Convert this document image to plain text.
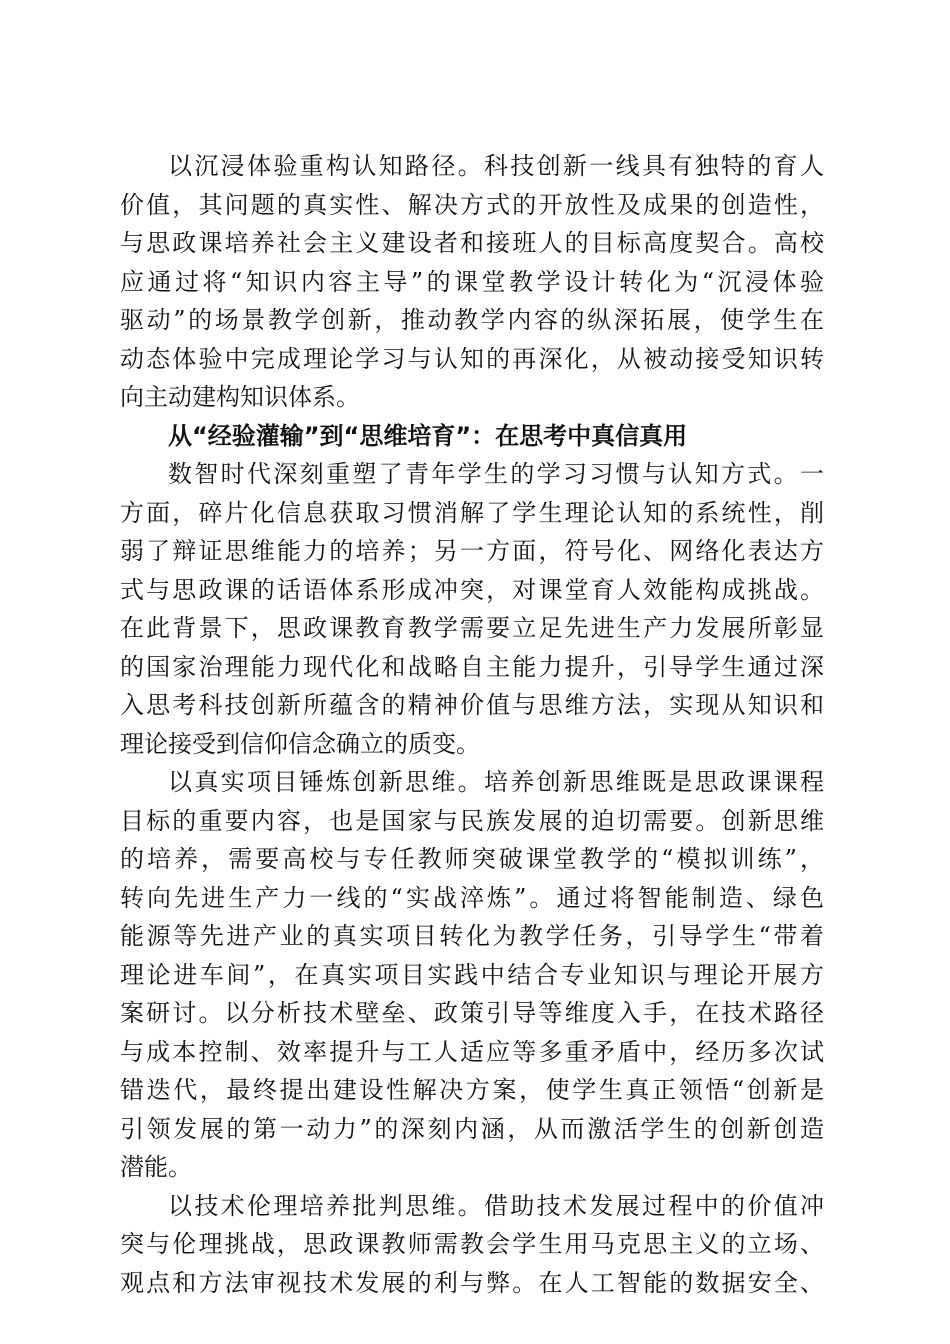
以沉浸体验重构认知路径。科技创新一线具有独特的育人
价值，其问题的真实性、解决方式的开放性及成果的创造性，
与思政课培养社会主义建设者和接班人的目标高度契合。高校
应通过将“知识内容主导”的课堂教学设计转化为“沉浸体验
驱动”的场景教学创新，推动教学内容的纵深拓展，使学生在
动态体验中完成理论学习与认知的再深化，从被动接受知识转
向主动建构知识体系。
从“经验灌输”到“思维培育”：在思考中真信真用
数智时代深刻重塑了青年学生的学习习惯与认知方式。一
方面，碎片化信息获取习惯消解了学生理论认知的系统性，削
弱了辩证思维能力的培养；另一方面，符号化、网络化表达方
式与思政课的话语体系形成冲突，对课堂育人效能构成挑战。
在此背景下，思政课教育教学需要立足先进生产力发展所彰显
的国家治理能力现代化和战略自主能力提升，引导学生通过深
入思考科技创新所蕴含的精神价值与思维方法，实现从知识和
理论接受到信仰信念确立的质变。
以真实项目锤炼创新思维。培养创新思维既是思政课课程
目标的重要内容，也是国家与民族发展的迫切需要。创新思维
的培养，需要高校与专任教师突破课堂教学的“模拟训练”，
转向先进生产力一线的“实战淬炼”。通过将智能制造、绿色
能源等先进产业的真实项目转化为教学任务，引导学生“带着
理论进车间”，在真实项目实践中结合专业知识与理论开展方
案研讨。以分析技术壁垒、政策引导等维度入手，在技术路径
与成本控制、效率提升与工人适应等多重矛盾中，经历多次试
错迭代，最终提出建设性解决方案，使学生真正领悟“创新是
引领发展的第一动力”的深刻内涵，从而激活学生的创新创造
潜能。
以技术伦理培养批判思维。借助技术发展过程中的价值冲
突与伦理挑战，思政课教师需教会学生用马克思主义的立场、
观点和方法审视技术发展的利与弊。在人工智能的数据安全、
